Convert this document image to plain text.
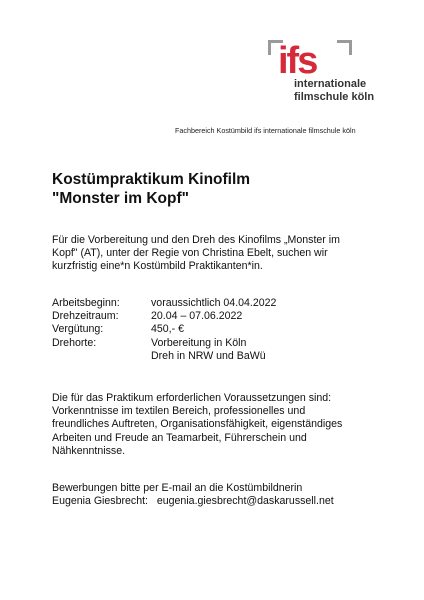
ifs
internationale
filmschule köln
Fachbereich Kostümbild ifs internationale filmschule köln
Kostümpraktikum Kinofilm
"Monster im Kopf"
Für die Vorbereitung und den Dreh des Kinofilms „Monster im
Kopf" (AT), unter der Regie von Christina Ebelt, suchen wir
kurzfristig eine*n Kostümbild Praktikanten*in.
Arbeitsbeginn:	voraussichtlich 04.04.2022
Drehzeitraum:	20.04 – 07.06.2022
Vergütung:	450,- €
Drehorte:	Vorbereitung in Köln
Dreh in NRW und BaWü
Die für das Praktikum erforderlichen Voraussetzungen sind:
Vorkenntnisse im textilen Bereich, professionelles und
freundliches Auftreten, Organisationsfähigkeit, eigenständiges
Arbeiten und Freude an Teamarbeit, Führerschein und
Nähkenntnisse.
Bewerbungen bitte per E-mail an die Kostümbildnerin
Eugenia Giesbrecht: eugenia.giesbrecht@daskarussell.net
